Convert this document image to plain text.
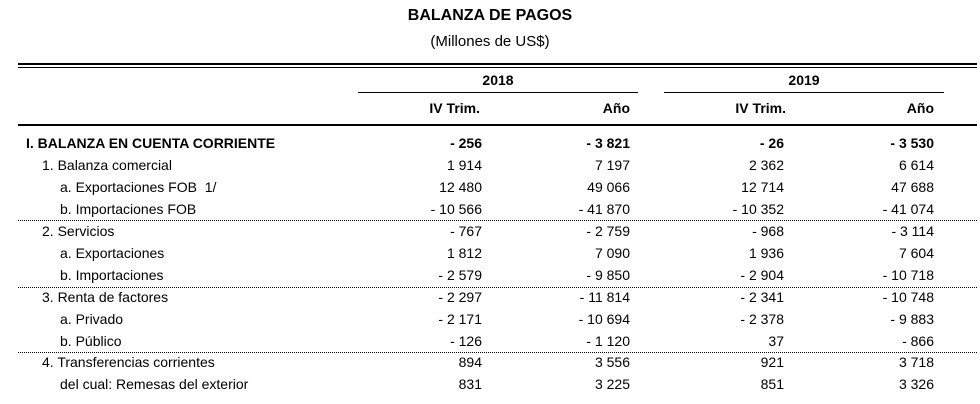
BALANZA DE PAGOS
(Millones de US$)
2018	2019
IV Trim.	Año	IV Trim.	Año
I. BALANZA EN CUENTA CORRIENTE	- 256	- 3 821	- 26	- 3 530
1. Balanza comercial	1 914	7 197	2 362	6 614
a. Exportaciones FOB  1/	12 480	49 066	12 714	47 688
b. Importaciones FOB	- 10 566	- 41 870	- 10 352	- 41 074
2. Servicios	- 767	- 2 759	- 968	- 3 114
a. Exportaciones	1 812	7 090	1 936	7 604
b. Importaciones	- 2 579	- 9 850	- 2 904	- 10 718
3. Renta de factores	- 2 297	- 11 814	- 2 341	- 10 748
a. Privado	- 2 171	- 10 694	- 2 378	- 9 883
b. Público	- 126	- 1 120	37	- 866
4. Transferencias corrientes	894	3 556	921	3 718
del cual: Remesas del exterior	831	3 225	851	3 326
